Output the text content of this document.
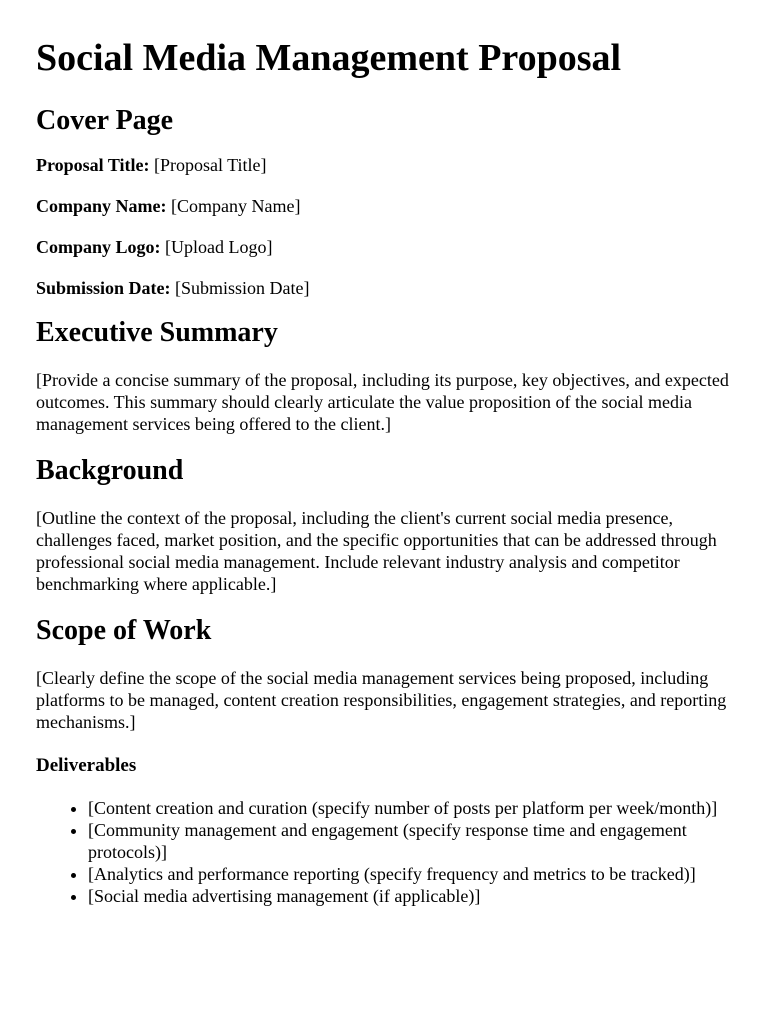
Social Media Management Proposal
Cover Page
Proposal Title: [Proposal Title]
Company Name: [Company Name]
Company Logo: [Upload Logo]
Submission Date: [Submission Date]
Executive Summary

[Provide a concise summary of the proposal, including its purpose, key objectives, and expected outcomes. This summary should clearly articulate the value proposition of the social media management services being offered to the client.]

Background

[Outline the context of the proposal, including the client's current social media presence, challenges faced, market position, and the specific opportunities that can be addressed through professional social media management. Include relevant industry analysis and competitor benchmarking where applicable.]

Scope of Work

[Clearly define the scope of the social media management services being proposed, including platforms to be managed, content creation responsibilities, engagement strategies, and reporting mechanisms.]

Deliverables
• [Content creation and curation (specify number of posts per platform per week/month)]
• [Community management and engagement (specify response time and engagement protocols)]
• [Analytics and performance reporting (specify frequency and metrics to be tracked)]
• [Social media advertising management (if applicable)]
